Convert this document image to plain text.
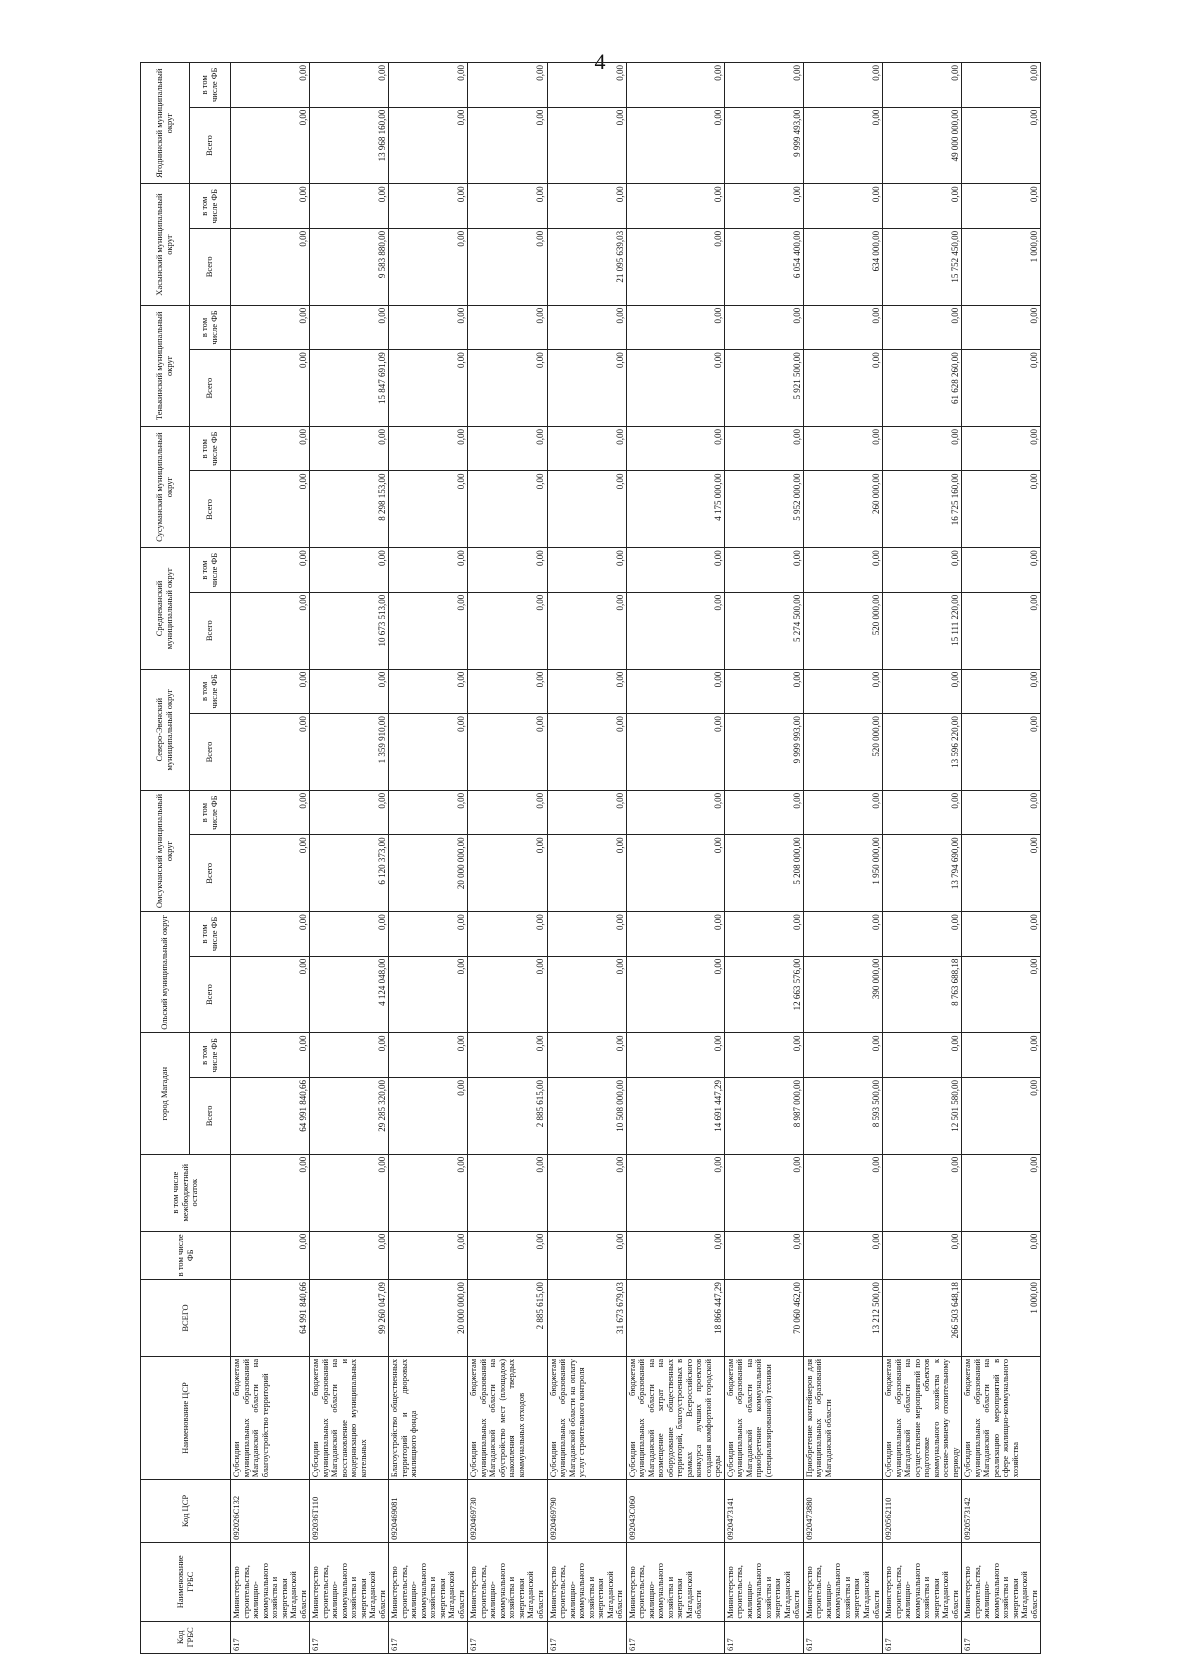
4
Код ГРБС	Наименование ГРБС	Код ЦСР	Наименование ЦСР	ВСЕГО	в том числе ФБ	в том числе межбюджетный остаток	город Магадан		Ольский муниципальный округ		Омсукчанский муниципальный округ		Северо-Эвенский муниципальный округ		Среднеканский муниципальный округ		Сусуманский муниципальный округ		Тенькинский муниципальный округ		Хасынский муниципальный округ		Ягоднинский муниципальный округ	
							Всего	в том числе ФБ	Всего	в том числе ФБ	Всего	в том числе ФБ	Всего	в том числе ФБ	Всего	в том числе ФБ	Всего	в том числе ФБ	Всего	в том числе ФБ	Всего	в том числе ФБ	Всего	в том числе ФБ
617	Министерство строительства, жилищно-коммунального хозяйства и энергетики Магаданской области	092026С132	Субсидии бюджетам муниципальных образований Магаданской области на благоустройство территорий	64 991 840,66	0,00	0,00	64 991 840,66	0,00	0,00	0,00	0,00	0,00	0,00	0,00	0,00	0,00	0,00	0,00	0,00	0,00	0,00	0,00	0,00	0,00
617	Министерство строительства, жилищно-коммунального хозяйства и энергетики Магаданской области	092036Т110	Субсидии бюджетам муниципальных образований Магаданской области на восстановление и модернизацию муниципальных котельных	99 260 047,09	0,00	0,00	29 285 320,00	0,00	4 124 048,00	0,00	6 120 373,00	0,00	1 359 910,00	0,00	10 673 513,00	0,00	8 298 153,00	0,00	15 847 691,09	0,00	9 583 880,00	0,00	13 968 160,00	0,00
617	Министерство строительства, жилищно-коммунального хозяйства и энергетики Магаданской области	0920469081	Благоустройство общественных территорий и дворовых жилищного фонда	20 000 000,00	0,00	0,00	0,00	0,00	0,00	0,00	20 000 000,00	0,00	0,00	0,00	0,00	0,00	0,00	0,00	0,00	0,00	0,00	0,00	0,00	0,00
617	Министерство строительства, жилищно-коммунального хозяйства и энергетики Магаданской области	0920469730	Субсидии бюджетам муниципальных образований Магаданской области на обустройство мест (площадок) накопления твердых коммунальных отходов	2 885 615,00	0,00	0,00	2 885 615,00	0,00	0,00	0,00	0,00	0,00	0,00	0,00	0,00	0,00	0,00	0,00	0,00	0,00	0,00	0,00	0,00	0,00
617	Министерство строительства, жилищно-коммунального хозяйства и энергетики Магаданской области	0920469790	Субсидии бюджетам муниципальных образований Магаданской области на оплату услуг строительного контроля	31 673 679,03	0,00	0,00	10 508 000,00	0,00	0,00	0,00	0,00	0,00	0,00	0,00	0,00	0,00	0,00	0,00	0,00	0,00	21 095 639,03	0,00	0,00	0,00
617	Министерство строительства, жилищно-коммунального хозяйства и энергетики Магаданской области	092043С060	Субсидии бюджетам муниципальных образований Магаданской области на возмещение затрат на оборудование общественных территорий, благоустроенных в рамках Всероссийского конкурса лучших проектов создания комфортной городской среды	18 866 447,29	0,00	0,00	14 691 447,29	0,00	0,00	0,00	0,00	0,00	0,00	0,00	0,00	0,00	4 175 000,00	0,00	0,00	0,00	0,00	0,00	0,00	0,00
617	Министерство строительства, жилищно-коммунального хозяйства и энергетики Магаданской области	0920473141	Субсидии бюджетам муниципальных образований Магаданской области на приобретение коммунальной (специализированной) техники	70 060 462,00	0,00	0,00	8 987 000,00	0,00	12 663 576,00	0,00	5 208 000,00	0,00	9 999 993,00	0,00	5 274 500,00	0,00	5 952 000,00	0,00	5 921 500,00	0,00	6 054 400,00	0,00	9 999 493,00	0,00
617	Министерство строительства, жилищно-коммунального хозяйства и энергетики Магаданской области	0920473880	Приобретение контейнеров для муниципальных образований Магаданской области	13 212 500,00	0,00	0,00	8 593 500,00	0,00	390 000,00	0,00	1 950 000,00	0,00	520 000,00	0,00	520 000,00	0,00	260 000,00	0,00	0,00	0,00	634 000,00	0,00	0,00	0,00
617	Министерство строительства, жилищно-коммунального хозяйства и энергетики Магаданской области	0920562110	Субсидии бюджетам муниципальных образований Магаданской области на осуществление мероприятий по подготовке объектов коммунального хозяйства к осенне-зимнему отопительному периоду	266 503 648,18	0,00	0,00	12 501 580,00	0,00	8 763 688,18	0,00	13 794 690,00	0,00	13 596 220,00	0,00	15 111 220,00	0,00	16 725 160,00	0,00	61 628 260,00	0,00	15 752 450,00	0,00	49 000 000,00	0,00
617	Министерство строительства, жилищно-коммунального хозяйства и энергетики Магаданской области	0920573142	Субсидии бюджетам муниципальных образований Магаданской области на реализацию мероприятий в сфере жилищно-коммунального хозяйства	1 000,00	0,00	0,00	0,00	0,00	0,00	0,00	0,00	0,00	0,00	0,00	0,00	0,00	0,00	0,00	0,00	0,00	1 000,00	0,00	0,00	0,00
